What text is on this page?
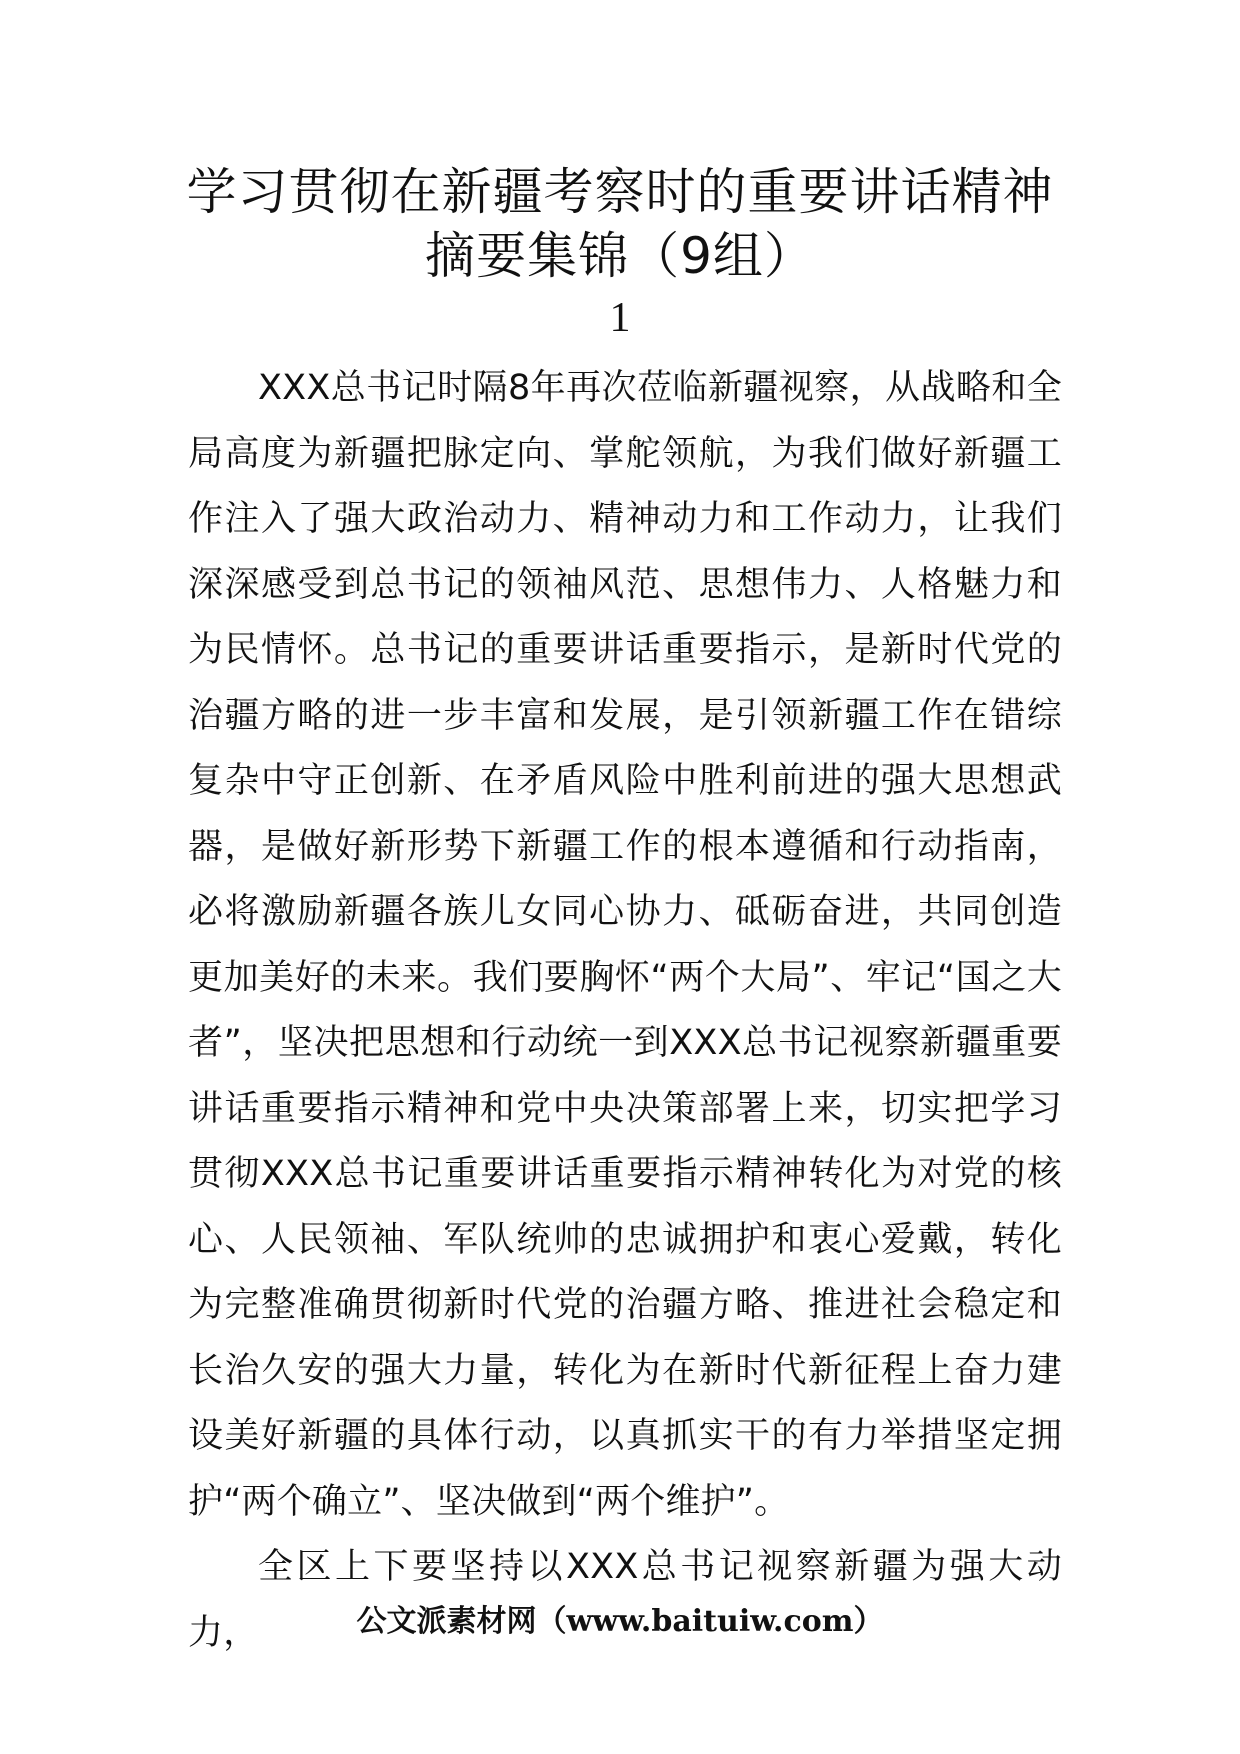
学习贯彻在新疆考察时的重要讲话精神摘要集锦（9组）
1

XXX总书记时隔8年再次莅临新疆视察，从战略和全局高度为新疆把脉定向、掌舵领航，为我们做好新疆工作注入了强大政治动力、精神动力和工作动力，让我们深深感受到总书记的领袖风范、思想伟力、人格魅力和为民情怀。总书记的重要讲话重要指示，是新时代党的治疆方略的进一步丰富和发展，是引领新疆工作在错综复杂中守正创新、在矛盾风险中胜利前进的强大思想武器，是做好新形势下新疆工作的根本遵循和行动指南，必将激励新疆各族儿女同心协力、砥砺奋进，共同创造更加美好的未来。我们要胸怀“两个大局”、牢记“国之大者”，坚决把思想和行动统一到XXX总书记视察新疆重要讲话重要指示精神和党中央决策部署上来，切实把学习贯彻XXX总书记重要讲话重要指示精神转化为对党的核心、人民领袖、军队统帅的忠诚拥护和衷心爱戴，转化为完整准确贯彻新时代党的治疆方略、推进社会稳定和长治久安的强大力量，转化为在新时代新征程上奋力建设美好新疆的具体行动，以真抓实干的有力举措坚定拥护“两个确立”、坚决做到“两个维护”。

全区上下要坚持以XXX总书记视察新疆为强大动力，	公文派素材网（www.baituiw.com）
